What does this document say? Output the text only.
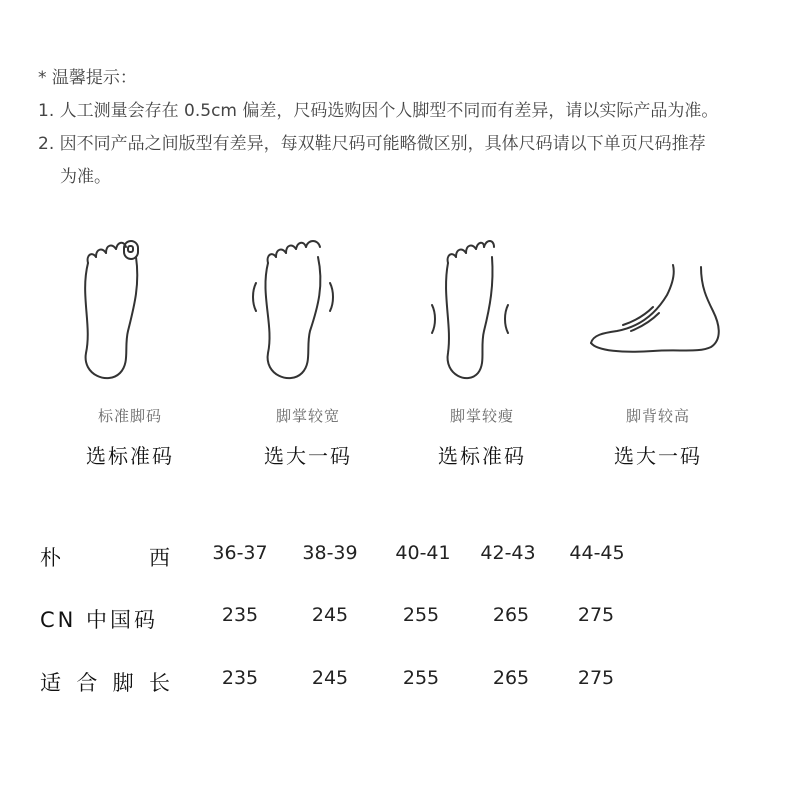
* 温馨提示：
1. 人工测量会存在 0.5cm 偏差，尺码选购因个人脚型不同而有差异，请以实际产品为准。
2. 因不同产品之间版型有差异，每双鞋尺码可能略微区别，具体尺码请以下单页尺码推荐
为准。
标准脚码
选标准码
脚掌较宽
选大一码
脚掌较瘦
选标准码
脚背较高
选大一码
朴	西	36-37	38-39	40-41	42-43	44-45
CN 中国码	235	245	255	265	275
适 合 脚 长	235	245	255	265	275
